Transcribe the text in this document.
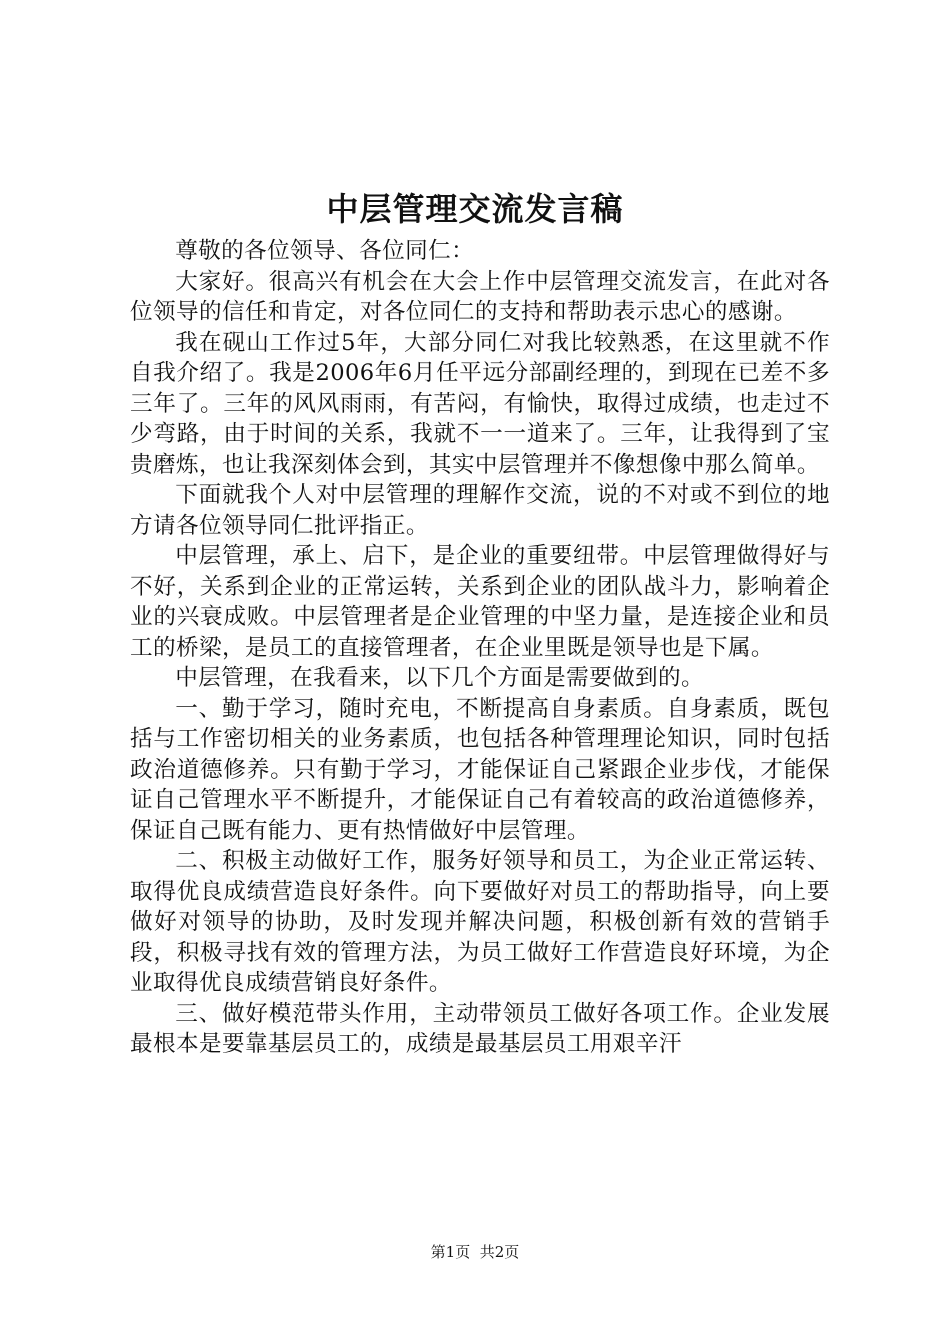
中层管理交流发言稿

尊敬的各位领导、各位同仁：

大家好。很高兴有机会在大会上作中层管理交流发言，在此对各位领导的信任和肯定，对各位同仁的支持和帮助表示忠心的感谢。

我在砚山工作过5年，大部分同仁对我比较熟悉，在这里就不作自我介绍了。我是2006年6月任平远分部副经理的，到现在已差不多三年了。三年的风风雨雨，有苦闷，有愉快，取得过成绩，也走过不少弯路，由于时间的关系，我就不一一道来了。三年，让我得到了宝贵磨炼，也让我深刻体会到，其实中层管理并不像想像中那么简单。

下面就我个人对中层管理的理解作交流，说的不对或不到位的地方请各位领导同仁批评指正。

中层管理，承上、启下，是企业的重要纽带。中层管理做得好与不好，关系到企业的正常运转，关系到企业的团队战斗力，影响着企业的兴衰成败。中层管理者是企业管理的中坚力量，是连接企业和员工的桥梁，是员工的直接管理者，在企业里既是领导也是下属。

中层管理，在我看来，以下几个方面是需要做到的。

一、勤于学习，随时充电，不断提高自身素质。自身素质，既包括与工作密切相关的业务素质，也包括各种管理理论知识，同时包括政治道德修养。只有勤于学习，才能保证自己紧跟企业步伐，才能保证自己管理水平不断提升，才能保证自己有着较高的政治道德修养，保证自己既有能力、更有热情做好中层管理。

二、积极主动做好工作，服务好领导和员工，为企业正常运转、取得优良成绩营造良好条件。向下要做好对员工的帮助指导，向上要做好对领导的协助，及时发现并解决问题，积极创新有效的营销手段，积极寻找有效的管理方法，为员工做好工作营造良好环境，为企业取得优良成绩营销良好条件。

三、做好模范带头作用，主动带领员工做好各项工作。企业发展最根本是要靠基层员工的，成绩是最基层员工用艰辛汗

第1页 共2页
